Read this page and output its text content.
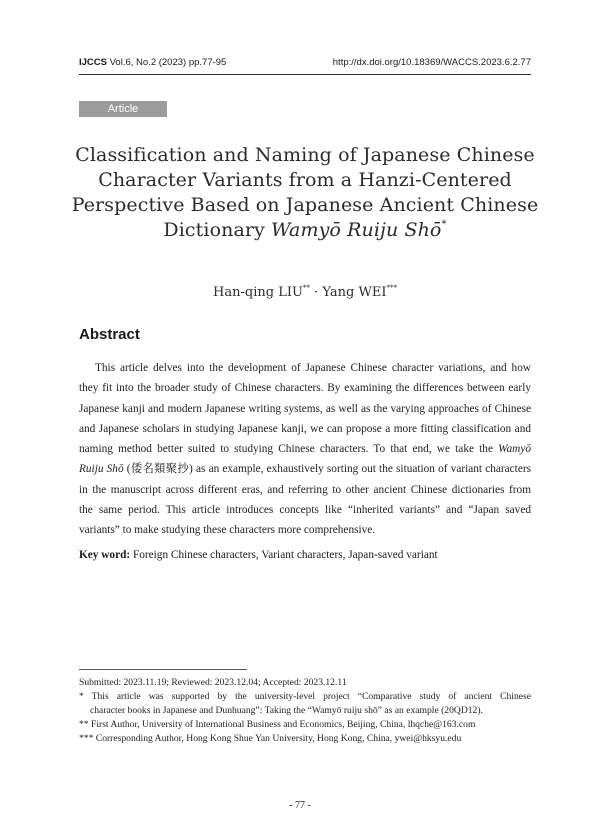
IJCCS Vol.6, No.2 (2023) pp.77-95	http://dx.doi.org/10.18369/WACCS.2023.6.2.77
Article
Classification and Naming of Japanese Chinese
Character Variants from a Hanzi-Centered
Perspective Based on Japanese Ancient Chinese
Dictionary Wamyō Ruiju Shō*
Han-qing LIU** · Yang WEI***
Abstract
This article delves into the development of Japanese Chinese character variations, and how
they fit into the broader study of Chinese characters. By examining the differences between early
Japanese kanji and modern Japanese writing systems, as well as the varying approaches of Chinese
and Japanese scholars in studying Japanese kanji, we can propose a more fitting classification and
naming method better suited to studying Chinese characters. To that end, we take the Wamyō
Ruiju Shō (倭名類聚抄) as an example, exhaustively sorting out the situation of variant characters
in the manuscript across different eras, and referring to other ancient Chinese dictionaries from
the same period. This article introduces concepts like “inherited variants” and “Japan saved
variants” to make studying these characters more comprehensive.
Key word: Foreign Chinese characters, Variant characters, Japan-saved variant
Submitted: 2023.11.19; Reviewed: 2023.12.04; Accepted: 2023.12.11
* This article was supported by the university-level project “Comparative study of ancient Chinese
character books in Japanese and Dunhuang”: Taking the “Wamyō ruiju shō” as an example (20QD12).
** First Author, University of International Business and Economics, Beijing, China, lhqche@163.com
*** Corresponding Author, Hong Kong Shue Yan University, Hong Kong, China, ywei@hksyu.edu
- 77 -
